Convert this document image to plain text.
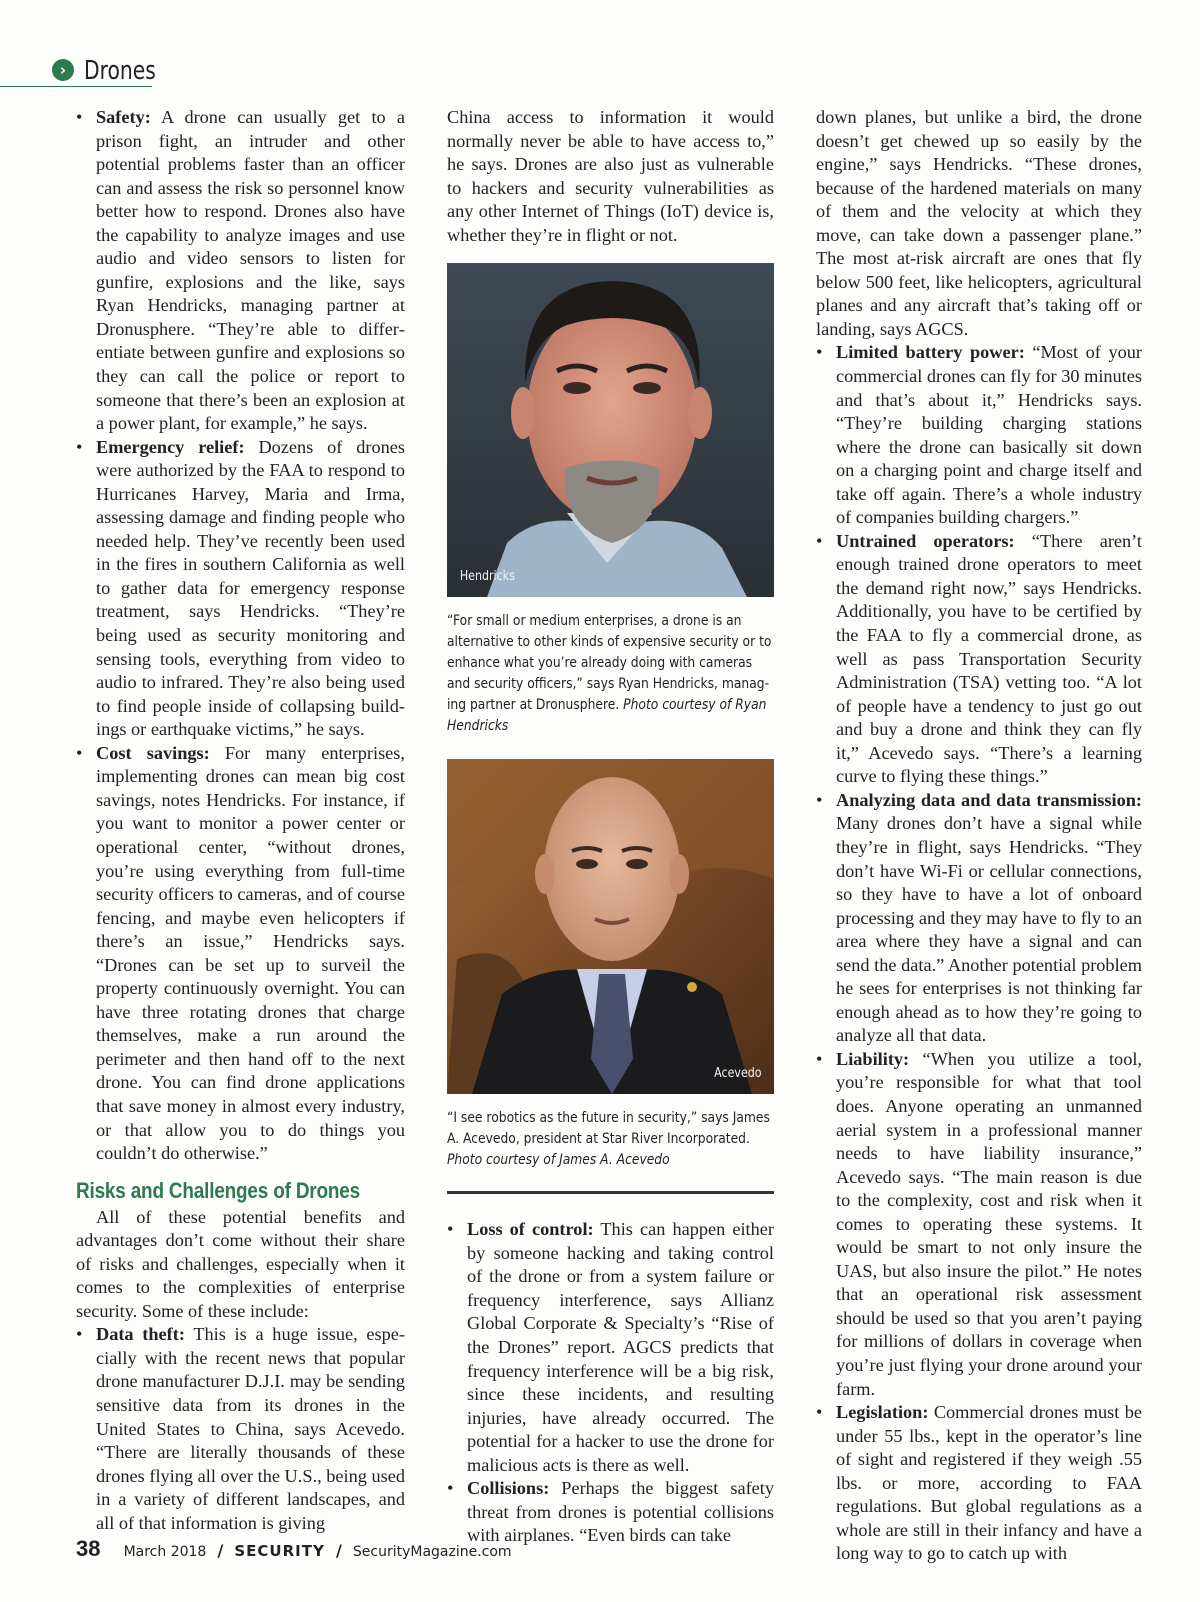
› Drones
• Safety: A drone can usually get to a prison fight, an intruder and other potential problems faster than an officer can and assess the risk so personnel know better how to respond. Drones also have the capability to analyze images and use audio and video sensors to listen for gunfire, explosions and the like, says Ryan Hendricks, managing partner at Dronusphere. “They’re able to differentiate between gunfire and explosions so they can call the police or report to someone that there’s been an explosion at a power plant, for example,” he says.
• Emergency relief: Dozens of drones were authorized by the FAA to respond to Hurricanes Harvey, Maria and Irma, assessing damage and finding people who needed help. They’ve recently been used in the fires in southern California as well to gather data for emergency response treatment, says Hendricks. “They’re being used as security monitoring and sensing tools, everything from video to audio to infrared. They’re also being used to find people inside of collapsing buildings or earthquake victims,” he says.
• Cost savings: For many enterprises, implementing drones can mean big cost savings, notes Hendricks. For instance, if you want to monitor a power center or operational center, “without drones, you’re using everything from full-time security officers to cameras, and of course fencing, and maybe even helicopters if there’s an issue,” Hendricks says. “Drones can be set up to surveil the property continuously overnight. You can have three rotating drones that charge themselves, make a run around the perimeter and then hand off to the next drone. You can find drone applications that save money in almost every industry, or that allow you to do things you couldn’t do otherwise.”
Risks and Challenges of Drones

All of these potential benefits and advantages don’t come without their share of risks and challenges, especially when it comes to the complexities of enterprise security. Some of these include:

• Data theft: This is a huge issue, especially with the recent news that popular drone manufacturer D.J.I. may be sending sensitive data from its drones in the United States to China, says Acevedo. “There are literally thousands of these drones flying all over the U.S., being used in a variety of different landscapes, and all of that information is giving

China access to information it would normally never be able to have access to,” he says. Drones are also just as vulnerable to hackers and security vulnerabilities as any other Internet of Things (IoT) device is, whether they’re in flight or not.

Hendricks

“For small or medium enterprises, a drone is an alternative to other kinds of expensive security or to enhance what you’re already doing with cameras and security officers,” says Ryan Hendricks, managing partner at Dronusphere. Photo courtesy of Ryan Hendricks

Acevedo

“I see robotics as the future in security,” says James A. Acevedo, president at Star River Incorporated. Photo courtesy of James A. Acevedo

• Loss of control: This can happen either by someone hacking and taking control of the drone or from a system failure or frequency interference, says Allianz Global Corporate & Specialty’s “Rise of the Drones” report. AGCS predicts that frequency interference will be a big risk, since these incidents, and resulting injuries, have already occurred. The potential for a hacker to use the drone for malicious acts is there as well.
• Collisions: Perhaps the biggest safety threat from drones is potential collisions with airplanes. “Even birds can take

down planes, but unlike a bird, the drone doesn’t get chewed up so easily by the engine,” says Hendricks. “These drones, because of the hardened materials on many of them and the velocity at which they move, can take down a passenger plane.” The most at-risk aircraft are ones that fly below 500 feet, like helicopters, agricultural planes and any aircraft that’s taking off or landing, says AGCS.

• Limited battery power: “Most of your commercial drones can fly for 30 minutes and that’s about it,” Hendricks says. “They’re building charging stations where the drone can basically sit down on a charging point and charge itself and take off again. There’s a whole industry of companies building chargers.”
• Untrained operators: “There aren’t enough trained drone operators to meet the demand right now,” says Hendricks. Additionally, you have to be certified by the FAA to fly a commercial drone, as well as pass Transportation Security Administration (TSA) vetting too. “A lot of people have a tendency to just go out and buy a drone and think they can fly it,” Acevedo says. “There’s a learning curve to flying these things.”
• Analyzing data and data transmission: Many drones don’t have a signal while they’re in flight, says Hendricks. “They don’t have Wi-Fi or cellular connections, so they have to have a lot of onboard processing and they may have to fly to an area where they have a signal and can send the data.” Another potential problem he sees for enterprises is not thinking far enough ahead as to how they’re going to analyze all that data.
• Liability: “When you utilize a tool, you’re responsible for what that tool does. Anyone operating an unmanned aerial system in a professional manner needs to have liability insurance,” Acevedo says. “The main reason is due to the complexity, cost and risk when it comes to operating these systems. It would be smart to not only insure the UAS, but also insure the pilot.” He notes that an operational risk assessment should be used so that you aren’t paying for millions of dollars in coverage when you’re just flying your drone around your farm.
• Legislation: Commercial drones must be under 55 lbs., kept in the operator’s line of sight and registered if they weigh .55 lbs. or more, according to FAA regulations. But global regulations as a whole are still in their infancy and have a long way to go to catch up with
38 March 2018 / SECURITY / SecurityMagazine.com
